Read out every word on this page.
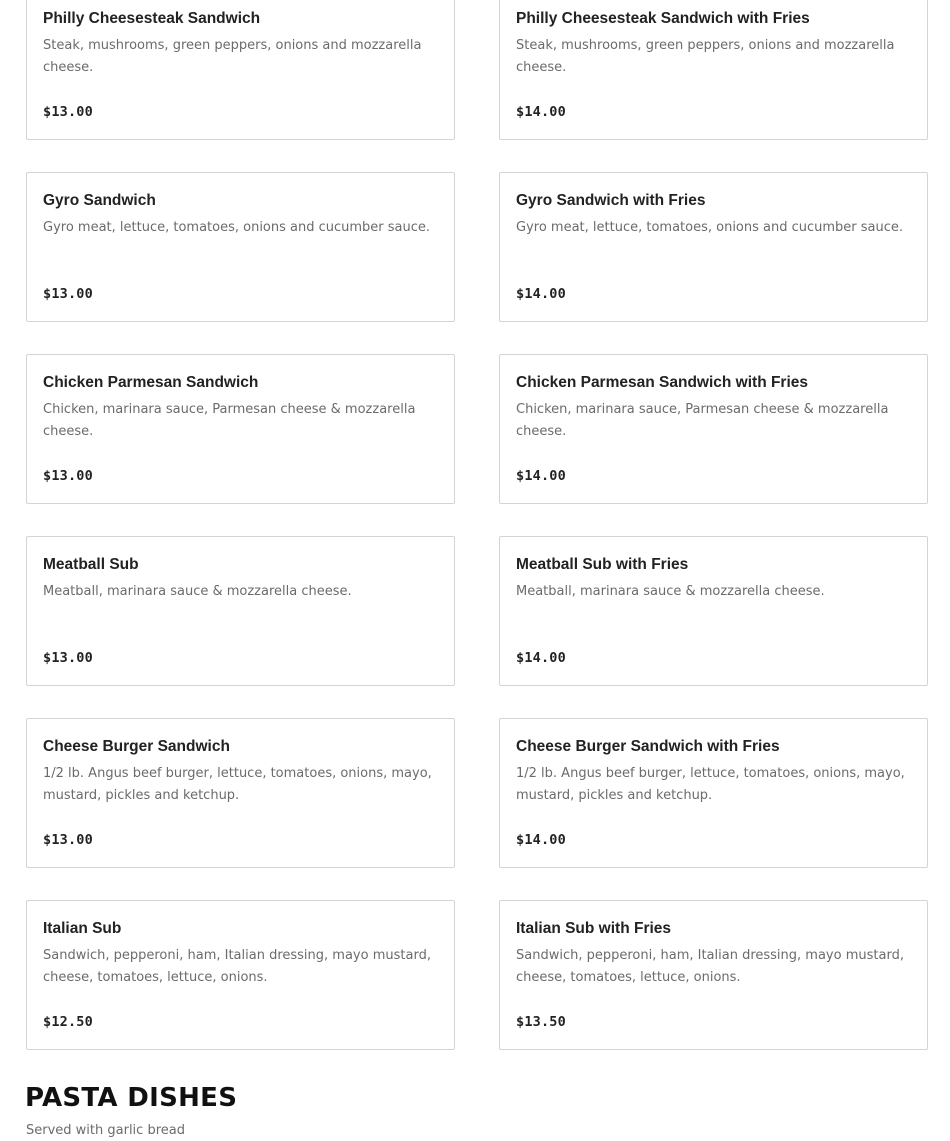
Philly Cheesesteak Sandwich

Steak, mushrooms, green peppers, onions and mozzarella cheese.

$13.00
Philly Cheesesteak Sandwich with Fries

Steak, mushrooms, green peppers, onions and mozzarella cheese.

$14.00
Gyro Sandwich

Gyro meat, lettuce, tomatoes, onions and cucumber sauce.

$13.00
Gyro Sandwich with Fries

Gyro meat, lettuce, tomatoes, onions and cucumber sauce.

$14.00
Chicken Parmesan Sandwich

Chicken, marinara sauce, Parmesan cheese & mozzarella cheese.

$13.00
Chicken Parmesan Sandwich with Fries

Chicken, marinara sauce, Parmesan cheese & mozzarella cheese.

$14.00
Meatball Sub

Meatball, marinara sauce & mozzarella cheese.

$13.00
Meatball Sub with Fries

Meatball, marinara sauce & mozzarella cheese.

$14.00
Cheese Burger Sandwich

1/2 lb. Angus beef burger, lettuce, tomatoes, onions, mayo, mustard, pickles and ketchup.

$13.00
Cheese Burger Sandwich with Fries

1/2 lb. Angus beef burger, lettuce, tomatoes, onions, mayo, mustard, pickles and ketchup.

$14.00
Italian Sub

Sandwich, pepperoni, ham, Italian dressing, mayo mustard, cheese, tomatoes, lettuce, onions.

$12.50
Italian Sub with Fries

Sandwich, pepperoni, ham, Italian dressing, mayo mustard, cheese, tomatoes, lettuce, onions.

$13.50
PASTA DISHES

Served with garlic bread
